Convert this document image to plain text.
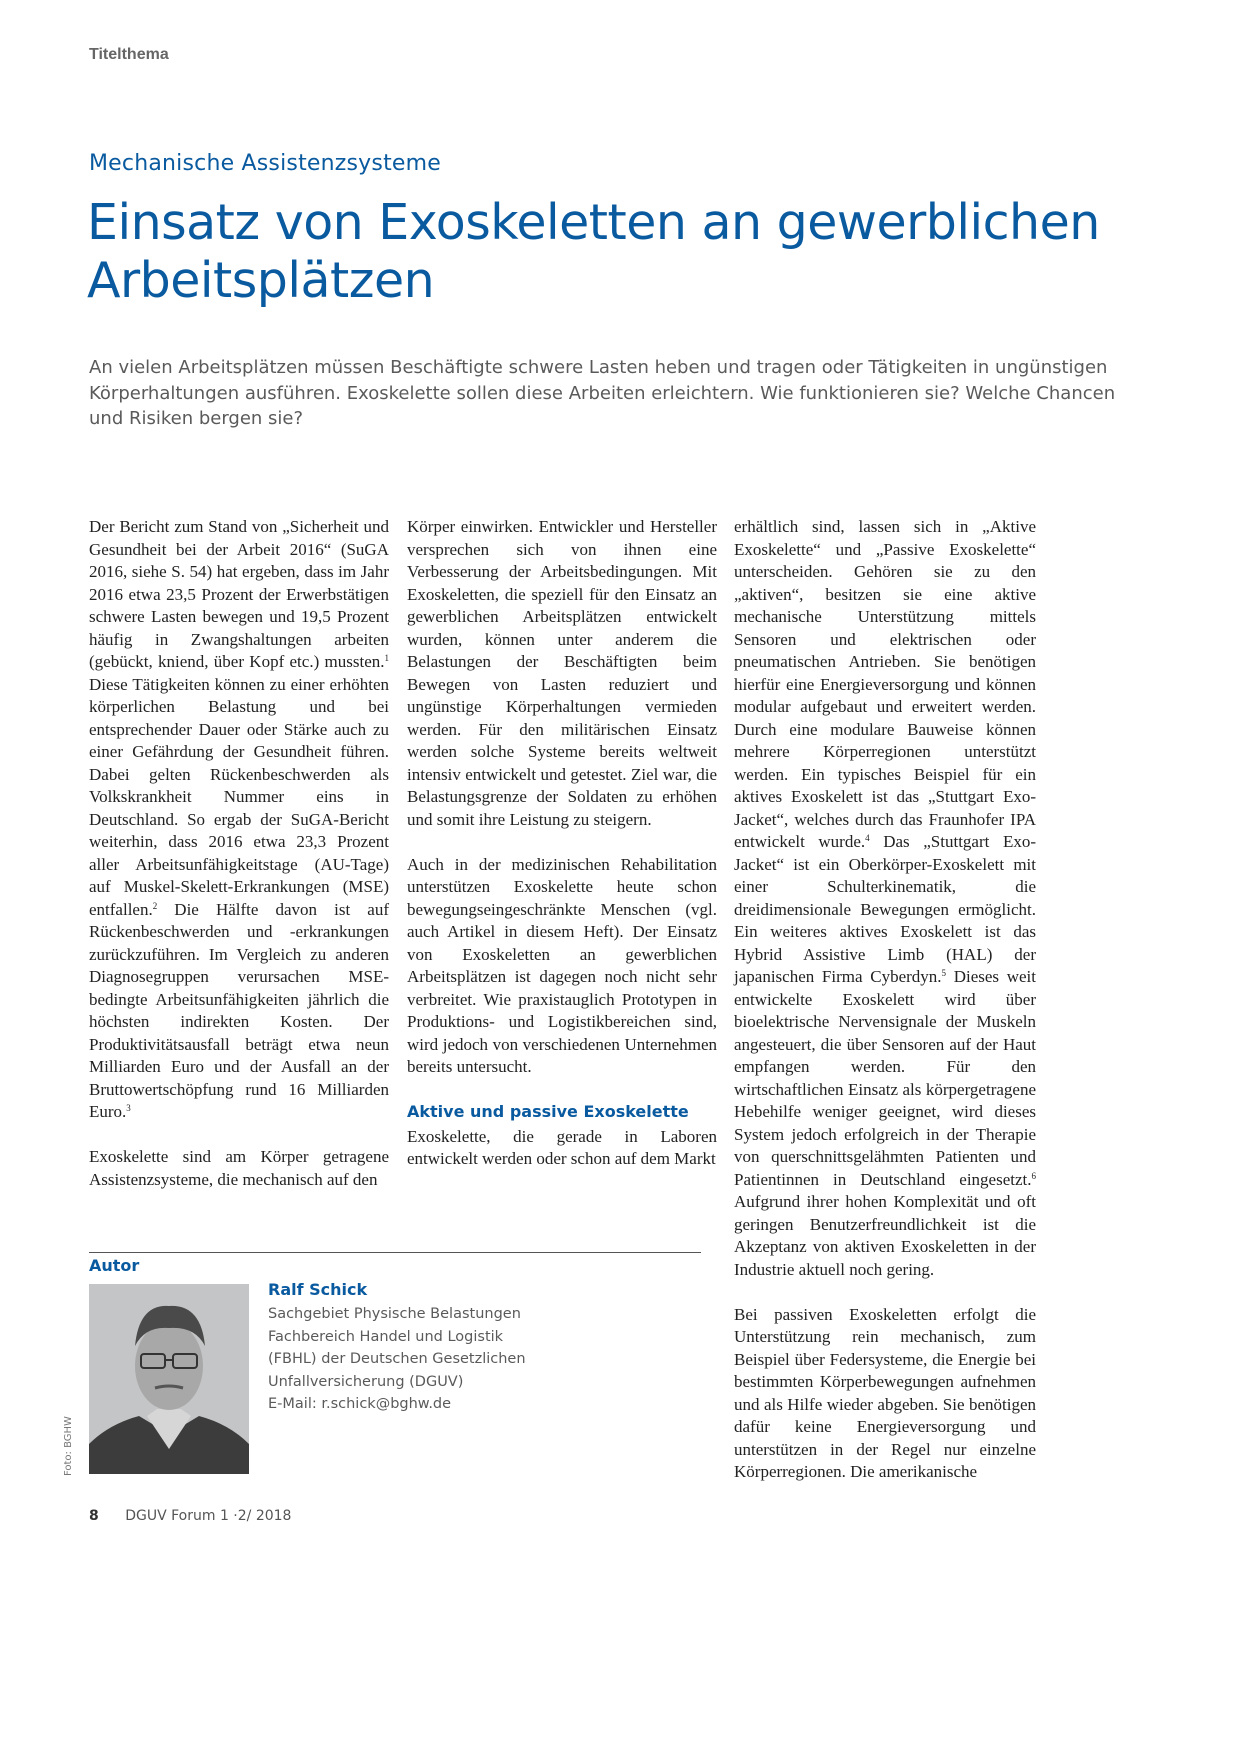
Titelthema
Mechanische Assistenzsysteme
Einsatz von Exoskeletten an gewerblichen Arbeitsplätzen

An vielen Arbeitsplätzen müssen Beschäftigte schwere Lasten heben und tragen oder Tätigkeiten in ungünstigen Körperhaltungen ausführen. Exoskelette sollen diese Arbeiten erleichtern. Wie funktionieren sie? Welche Chancen und Risiken bergen sie?

Der Bericht zum Stand von „Sicherheit und Gesundheit bei der Arbeit 2016“ (SuGA 2016, siehe S. 54) hat ergeben, dass im Jahr 2016 etwa 23,5 Prozent der Erwerbstätigen schwere Lasten bewegen und 19,5 Prozent häufig in Zwangshaltungen arbeiten (gebückt, kniend, über Kopf etc.) mussten.$^1$ Diese Tätigkeiten können zu einer erhöhten körperlichen Belastung und bei entsprechender Dauer oder Stärke auch zu einer Gefährdung der Gesundheit führen. Dabei gelten Rückenbeschwerden als Volkskrankheit Nummer eins in Deutschland. So ergab der SuGA-Bericht weiterhin, dass 2016 etwa 23,3 Prozent aller Arbeitsunfähigkeitstage (AU-Tage) auf Muskel-Skelett-Erkrankungen (MSE) entfallen.$^2$ Die Hälfte davon ist auf Rückenbeschwerden und -erkrankungen zurückzuführen. Im Vergleich zu anderen Diagnosegruppen verursachen MSE-bedingte Arbeitsunfähigkeiten jährlich die höchsten indirekten Kosten. Der Produktivitätsausfall beträgt etwa neun Milliarden Euro und der Ausfall an der Bruttowertschöpfung rund 16 Milliarden Euro.$^3$

Exoskelette sind am Körper getragene Assistenzsysteme, die mechanisch auf den

Körper einwirken. Entwickler und Hersteller versprechen sich von ihnen eine Verbesserung der Arbeitsbedingungen. Mit Exoskeletten, die speziell für den Einsatz an gewerblichen Arbeitsplätzen entwickelt wurden, können unter anderem die Belastungen der Beschäftigten beim Bewegen von Lasten reduziert und ungünstige Körperhaltungen vermieden werden. Für den militärischen Einsatz werden solche Systeme bereits weltweit intensiv entwickelt und getestet. Ziel war, die Belastungsgrenze der Soldaten zu erhöhen und somit ihre Leistung zu steigern.

Auch in der medizinischen Rehabilitation unterstützen Exoskelette heute schon bewegungseingeschränkte Menschen (vgl. auch Artikel in diesem Heft). Der Einsatz von Exoskeletten an gewerblichen Arbeitsplätzen ist dagegen noch nicht sehr verbreitet. Wie praxistauglich Prototypen in Produktions- und Logistikbereichen sind, wird jedoch von verschiedenen Unternehmen bereits untersucht.

Aktive und passive Exoskelette

Exoskelette, die gerade in Laboren entwickelt werden oder schon auf dem Markt

erhältlich sind, lassen sich in „Aktive Exoskelette“ und „Passive Exoskelette“ unterscheiden. Gehören sie zu den „aktiven“, besitzen sie eine aktive mechanische Unterstützung mittels Sensoren und elektrischen oder pneumatischen Antrieben. Sie benötigen hierfür eine Energieversorgung und können modular aufgebaut und erweitert werden. Durch eine modulare Bauweise können mehrere Körperregionen unterstützt werden. Ein typisches Beispiel für ein aktives Exoskelett ist das „Stuttgart Exo-Jacket“, welches durch das Fraunhofer IPA entwickelt wurde.$^4$ Das „Stuttgart Exo-Jacket“ ist ein Oberkörper-Exoskelett mit einer Schulterkinematik, die dreidimensionale Bewegungen ermöglicht. Ein weiteres aktives Exoskelett ist das Hybrid Assistive Limb (HAL) der japanischen Firma Cyberdyn.$^5$ Dieses weit entwickelte Exoskelett wird über bioelektrische Nervensignale der Muskeln angesteuert, die über Sensoren auf der Haut empfangen werden. Für den wirtschaftlichen Einsatz als körpergetragene Hebehilfe weniger geeignet, wird dieses System jedoch erfolgreich in der Therapie von querschnittsgelähmten Patienten und Patientinnen in Deutschland eingesetzt.$^6$ Aufgrund ihrer hohen Komplexität und oft geringen Benutzerfreundlichkeit ist die Akzeptanz von aktiven Exoskeletten in der Industrie aktuell noch gering.

Bei passiven Exoskeletten erfolgt die Unterstützung rein mechanisch, zum Beispiel über Federsysteme, die Energie bei bestimmten Körperbewegungen aufnehmen und als Hilfe wieder abgeben. Sie benötigen dafür keine Energieversorgung und unterstützen in der Regel nur einzelne Körperregionen. Die amerikanische

Autor
Foto: BGHW
Ralf Schick
Sachgebiet Physische Belastungen
Fachbereich Handel und Logistik
(FBHL) der Deutschen Gesetzlichen
Unfallversicherung (DGUV)
E-Mail: r.schick@bghw.de
8 DGUV Forum 1 ·2/ 2018
